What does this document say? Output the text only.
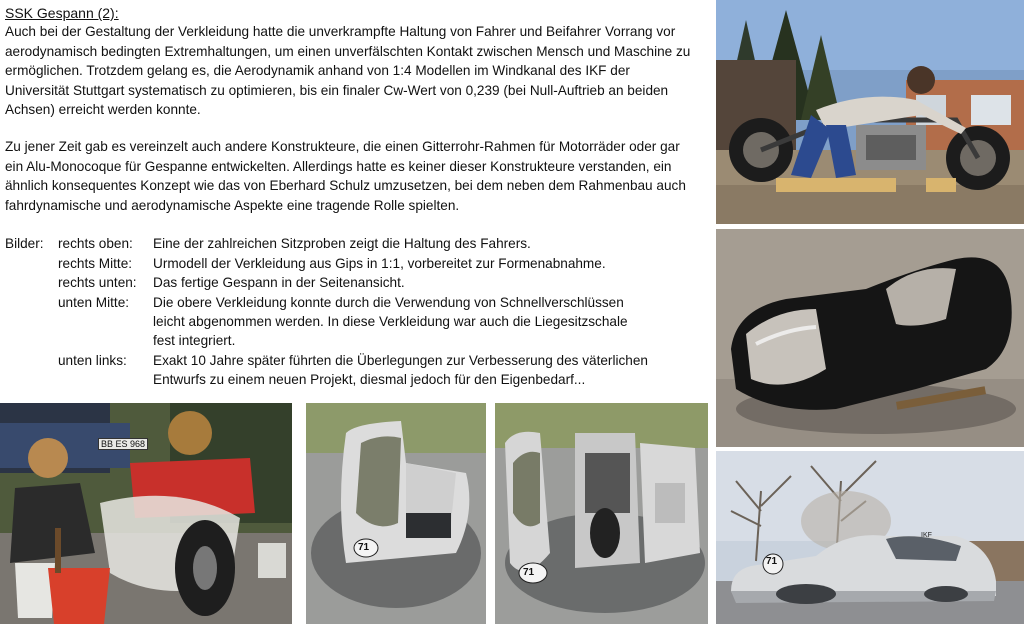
SSK Gespann (2):

Auch bei der Gestaltung der Verkleidung hatte die unverkrampfte Haltung von Fahrer und Beifahrer Vorrang vor aerodynamisch bedingten Extremhaltungen, um einen unverfälschten Kontakt zwischen Mensch und Maschine zu ermöglichen. Trotzdem gelang es, die Aerodynamik anhand von 1:4 Modellen im Windkanal des IKF der Universität Stuttgart systematisch zu optimieren, bis ein finaler Cw-Wert von 0,239 (bei Null-Auftrieb an beiden Achsen) erreicht werden konnte.

Zu jener Zeit gab es vereinzelt auch andere Konstrukteure, die einen Gitterrohr-Rahmen für Motorräder oder gar ein Alu-Monocoque für Gespanne entwickelten. Allerdings hatte es keiner dieser Konstrukteure verstanden, ein ähnlich konsequentes Konzept wie das von Eberhard Schulz umzusetzen, bei dem neben dem Rahmenbau auch fahrdynamische und aerodynamische Aspekte eine tragende Rolle spielten.

Bilder: rechts oben: Eine der zahlreichen Sitzproben zeigt die Haltung des Fahrers.
rechts Mitte: Urmodell der Verkleidung aus Gips in 1:1, vorbereitet zur Formenabnahme.
rechts unten: Das fertige Gespann in der Seitenansicht.
unten Mitte: Die obere Verkleidung konnte durch die Verwendung von Schnellverschlüssen
leicht abgenommen werden. In diese Verkleidung war auch die Liegesitzschale
fest integriert.
unten links: Exakt 10 Jahre später führten die Überlegungen zur Verbesserung des väterlichen
Entwurfs zu einem neuen Projekt, diesmal jedoch für den Eigenbedarf...
71
IKF
BB ES 968
71
71
